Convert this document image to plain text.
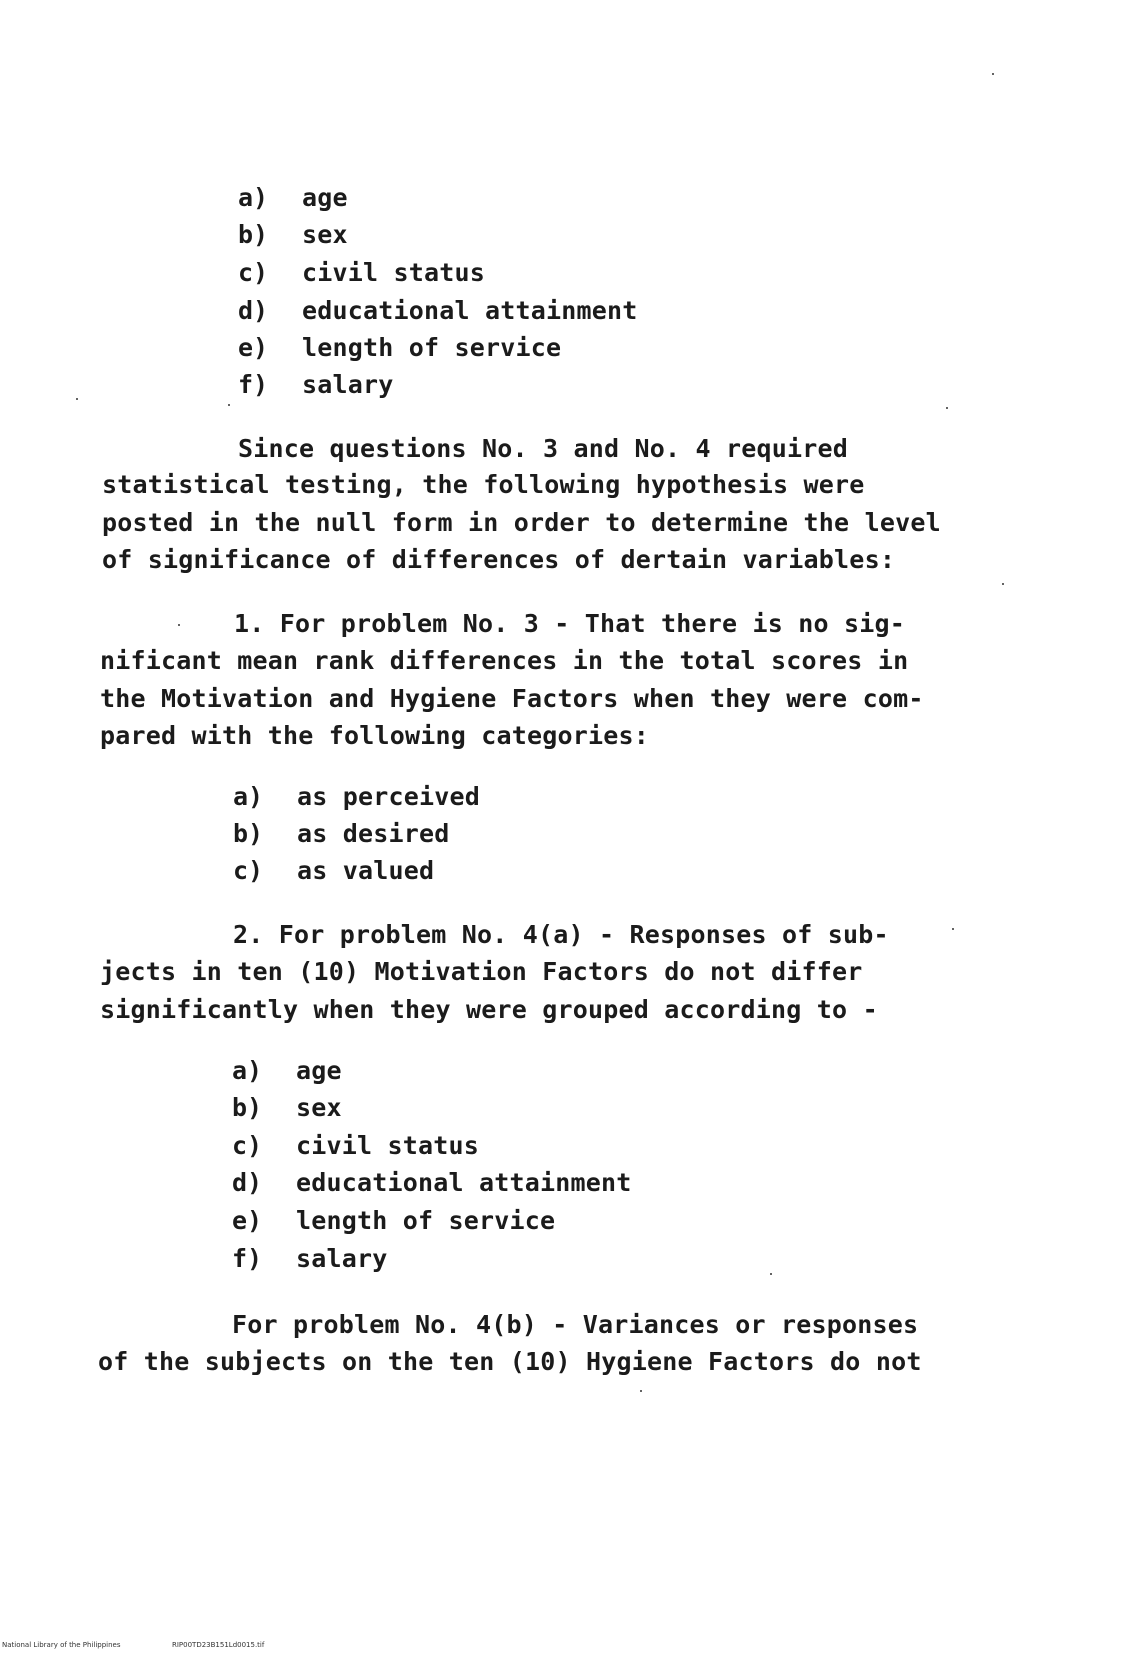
a) age
b) sex
c) civil status
d) educational attainment
e) length of service
f) salary
Since questions No. 3 and No. 4 required
statistical testing, the following hypothesis were
posted in the null form in order to determine the level
of significance of differences of dertain variables:
1. For problem No. 3 - That there is no sig-
nificant mean rank differences in the total scores in
the Motivation and Hygiene Factors when they were com-
pared with the following categories:
a) as perceived
b) as desired
c) as valued
2. For problem No. 4(a) - Responses of sub-
jects in ten (10) Motivation Factors do not differ
significantly when they were grouped according to -
a) age
b) sex
c) civil status
d) educational attainment
e) length of service
f) salary
For problem No. 4(b) - Variances or responses
of the subjects on the ten (10) Hygiene Factors do not
National Library of the Philippines	RIP00TD23B151Ld0015.tif
